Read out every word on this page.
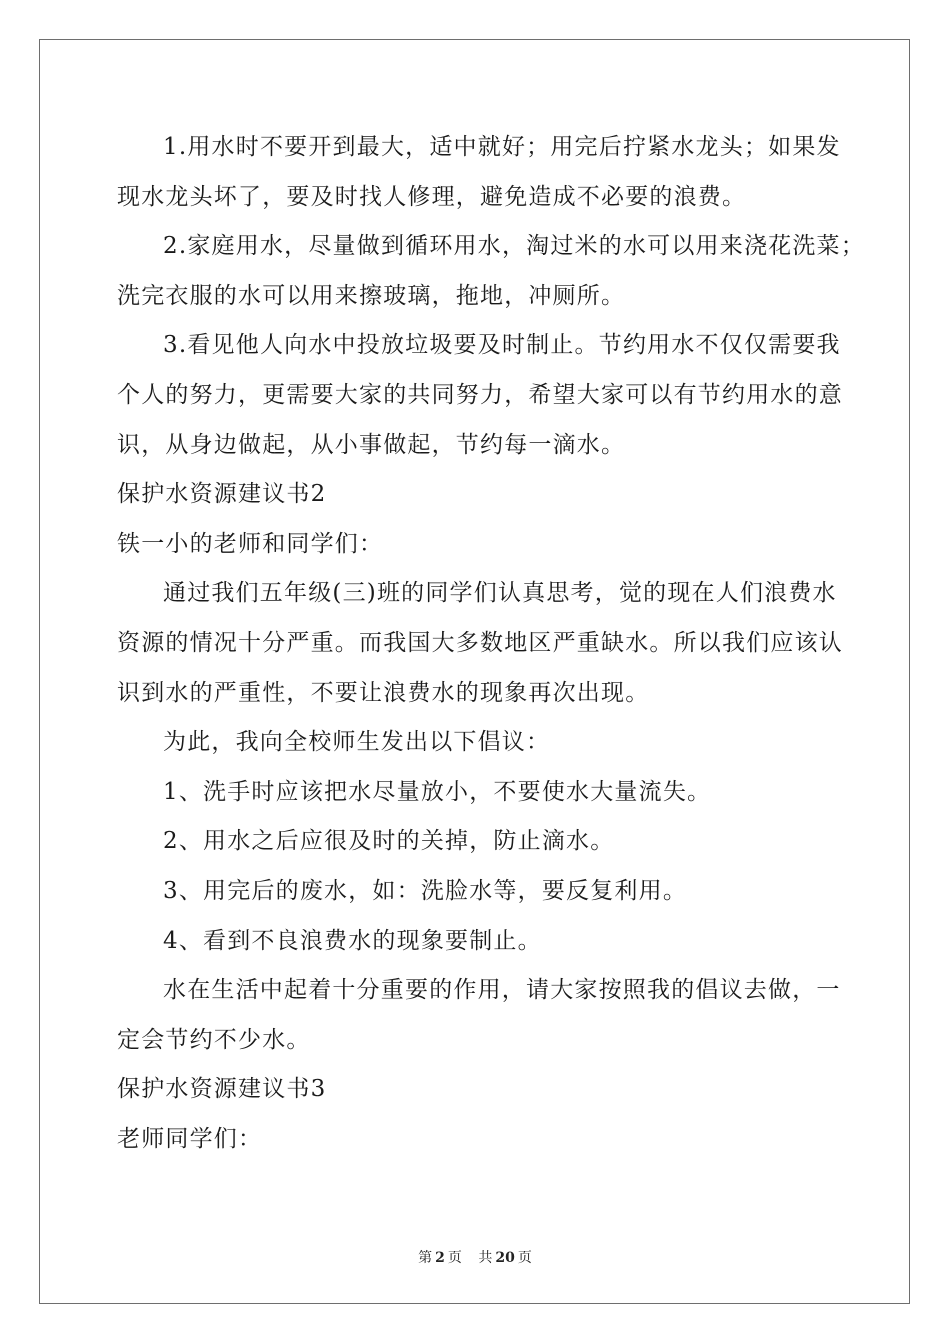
1.用水时不要开到最大，适中就好；用完后拧紧水龙头；如果发
现水龙头坏了，要及时找人修理，避免造成不必要的浪费。
2.家庭用水，尽量做到循环用水，淘过米的水可以用来浇花洗菜；
洗完衣服的水可以用来擦玻璃，拖地，冲厕所。
3.看见他人向水中投放垃圾要及时制止。节约用水不仅仅需要我
个人的努力，更需要大家的共同努力，希望大家可以有节约用水的意
识，从身边做起，从小事做起，节约每一滴水。
保护水资源建议书2
铁一小的老师和同学们：
通过我们五年级(三)班的同学们认真思考，觉的现在人们浪费水
资源的情况十分严重。而我国大多数地区严重缺水。所以我们应该认
识到水的严重性，不要让浪费水的现象再次出现。
为此，我向全校师生发出以下倡议：
1、洗手时应该把水尽量放小，不要使水大量流失。
2、用水之后应很及时的关掉，防止滴水。
3、用完后的废水，如：洗脸水等，要反复利用。
4、看到不良浪费水的现象要制止。
水在生活中起着十分重要的作用，请大家按照我的倡议去做，一
定会节约不少水。
保护水资源建议书3
老师同学们：
第 2 页 共 20 页
